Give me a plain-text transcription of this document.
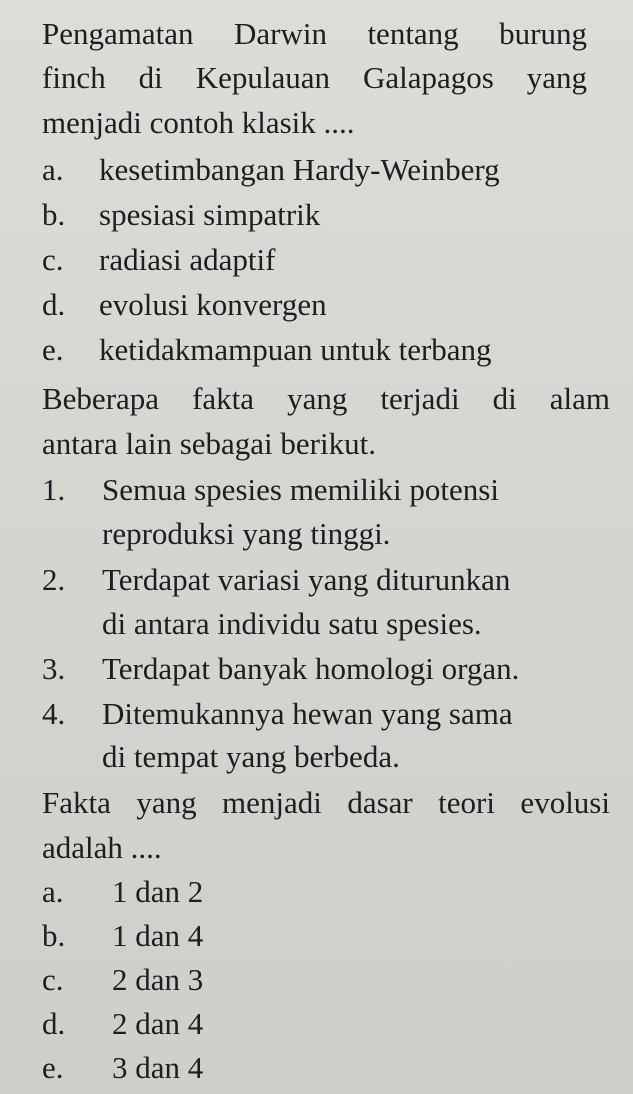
Pengamatan Darwin tentang burung
finch di Kepulauan Galapagos yang
menjadi contoh klasik ....
a. kesetimbangan Hardy-Weinberg
b. spesiasi simpatrik
c. radiasi adaptif
d. evolusi konvergen
e. ketidakmampuan untuk terbang
Beberapa fakta yang terjadi di alam
antara lain sebagai berikut.
1. Semua spesies memiliki potensi
reproduksi yang tinggi.
2. Terdapat variasi yang diturunkan
di antara individu satu spesies.
3. Terdapat banyak homologi organ.
4. Ditemukannya hewan yang sama
di tempat yang berbeda.
Fakta yang menjadi dasar teori evolusi
adalah ....
a. 1 dan 2
b. 1 dan 4
c. 2 dan 3
d. 2 dan 4
e. 3 dan 4
